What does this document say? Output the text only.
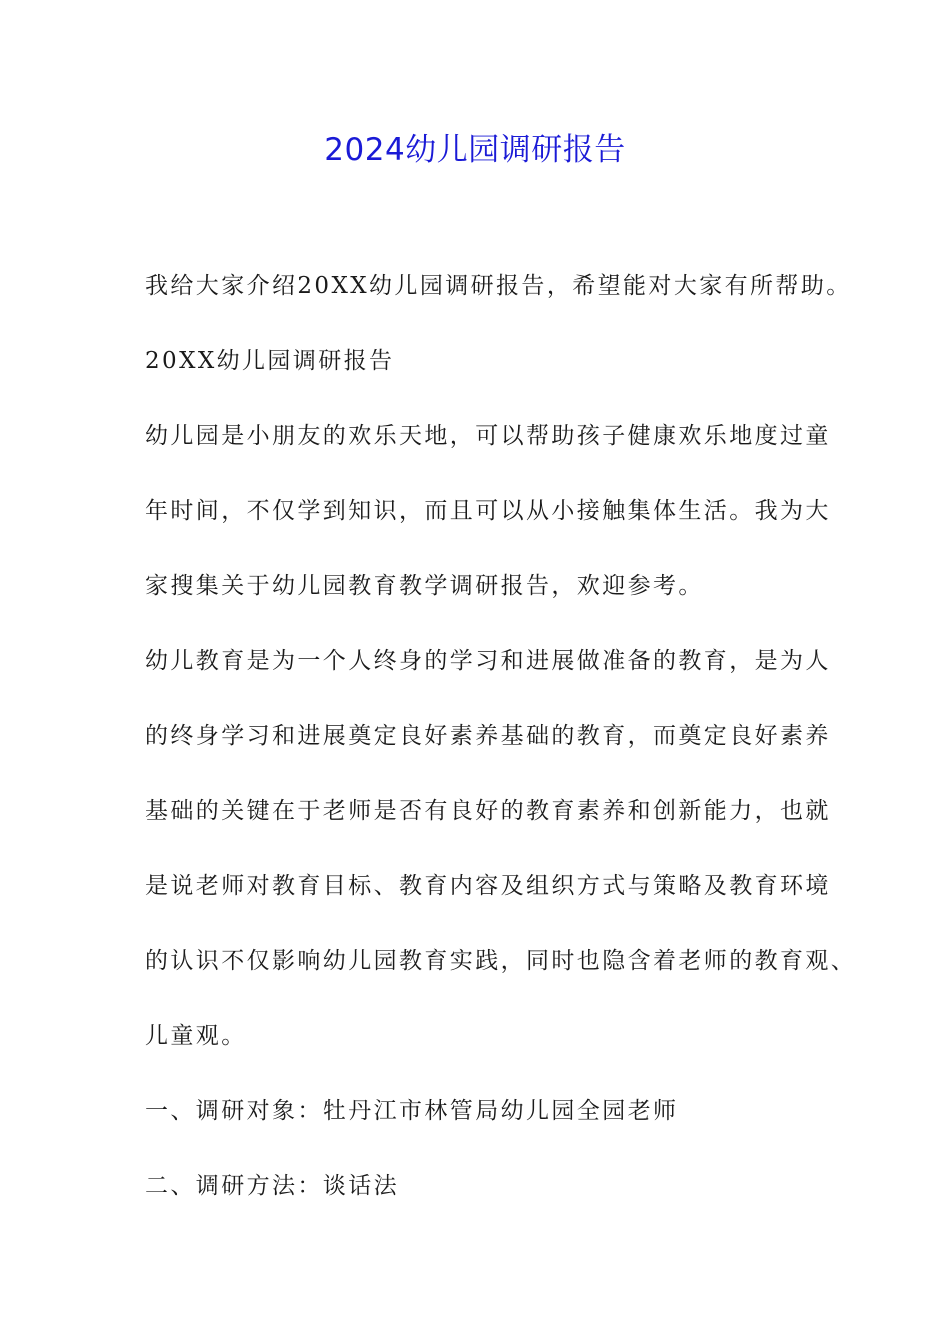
2024幼儿园调研报告
我给大家介绍20XX幼儿园调研报告，希望能对大家有所帮助。
20XX幼儿园调研报告
幼儿园是小朋友的欢乐天地，可以帮助孩子健康欢乐地度过童
年时间，不仅学到知识，而且可以从小接触集体生活。我为大
家搜集关于幼儿园教育教学调研报告，欢迎参考。
幼儿教育是为一个人终身的学习和进展做准备的教育，是为人
的终身学习和进展奠定良好素养基础的教育，而奠定良好素养
基础的关键在于老师是否有良好的教育素养和创新能力，也就
是说老师对教育目标、教育内容及组织方式与策略及教育环境
的认识不仅影响幼儿园教育实践，同时也隐含着老师的教育观、
儿童观。
一、调研对象：牡丹江市林管局幼儿园全园老师
二、调研方法：谈话法
